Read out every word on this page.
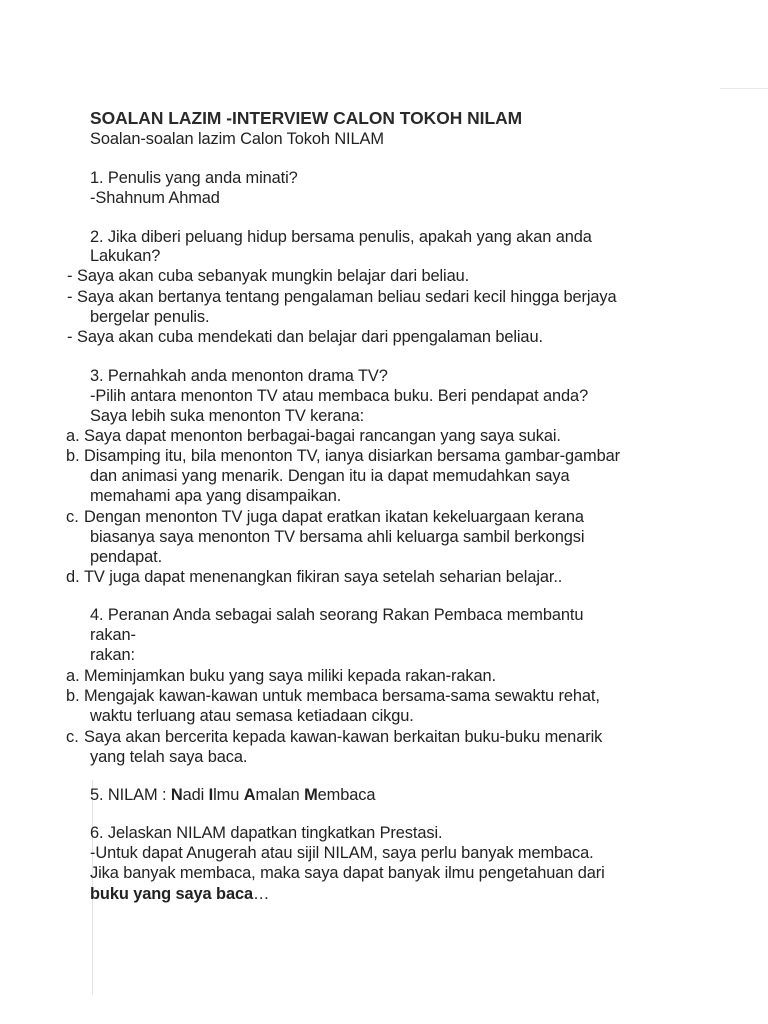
SOALAN LAZIM -INTERVIEW CALON TOKOH NILAM
Soalan-soalan lazim Calon Tokoh NILAM
1. Penulis yang anda minati?
-Shahnum Ahmad
2. Jika diberi peluang hidup bersama penulis, apakah yang akan anda
Lakukan?
- Saya akan cuba sebanyak mungkin belajar dari beliau.
- Saya akan bertanya tentang pengalaman beliau sedari kecil hingga berjaya
bergelar penulis.
- Saya akan cuba mendekati dan belajar dari ppengalaman beliau.
3. Pernahkah anda menonton drama TV?
-Pilih antara menonton TV atau membaca buku. Beri pendapat anda?
Saya lebih suka menonton TV kerana:
a. Saya dapat menonton berbagai-bagai rancangan yang saya sukai.
b. Disamping itu, bila menonton TV, ianya disiarkan bersama gambar-gambar
dan animasi yang menarik. Dengan itu ia dapat memudahkan saya
memahami apa yang disampaikan.
c. Dengan menonton TV juga dapat eratkan ikatan kekeluargaan kerana
biasanya saya menonton TV bersama ahli keluarga sambil berkongsi
pendapat.
d. TV juga dapat menenangkan fikiran saya setelah seharian belajar..
4. Peranan Anda sebagai salah seorang Rakan Pembaca membantu
rakan-
rakan:
a. Meminjamkan buku yang saya miliki kepada rakan-rakan.
b. Mengajak kawan-kawan untuk membaca bersama-sama sewaktu rehat,
waktu terluang atau semasa ketiadaan cikgu.
c. Saya akan bercerita kepada kawan-kawan berkaitan buku-buku menarik
yang telah saya baca.
5. NILAM : Nadi Ilmu Amalan Membaca
6. Jelaskan NILAM dapatkan tingkatkan Prestasi.
-Untuk dapat Anugerah atau sijil NILAM, saya perlu banyak membaca.
Jika banyak membaca, maka saya dapat banyak ilmu pengetahuan dari
buku yang saya baca…
